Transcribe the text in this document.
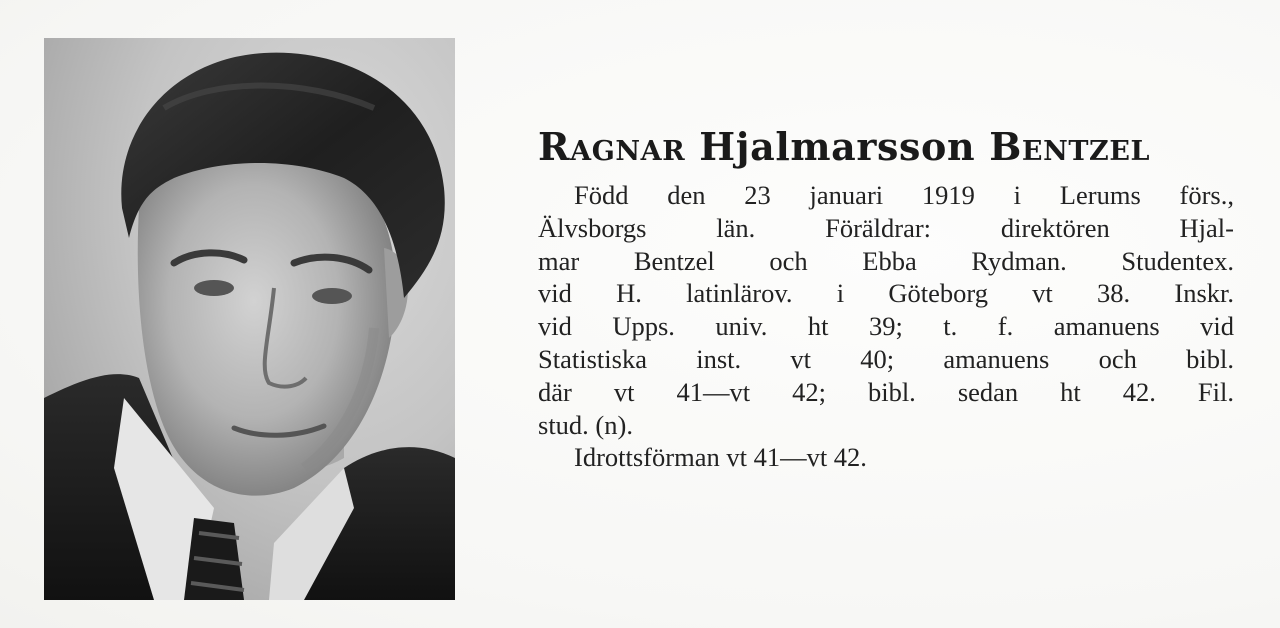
Ragnar Hjalmarsson Bentzel
Född den 23 januari 1919 i Lerums förs.,
Älvsborgs län. Föräldrar: direktören Hjal-
mar Bentzel och Ebba Rydman. Studentex.
vid H. latinlärov. i Göteborg vt 38. Inskr.
vid Upps. univ. ht 39; t. f. amanuens vid
Statistiska inst. vt 40; amanuens och bibl.
där vt 41—vt 42; bibl. sedan ht 42. Fil.
stud. (n).
Idrottsförman vt 41—vt 42.
